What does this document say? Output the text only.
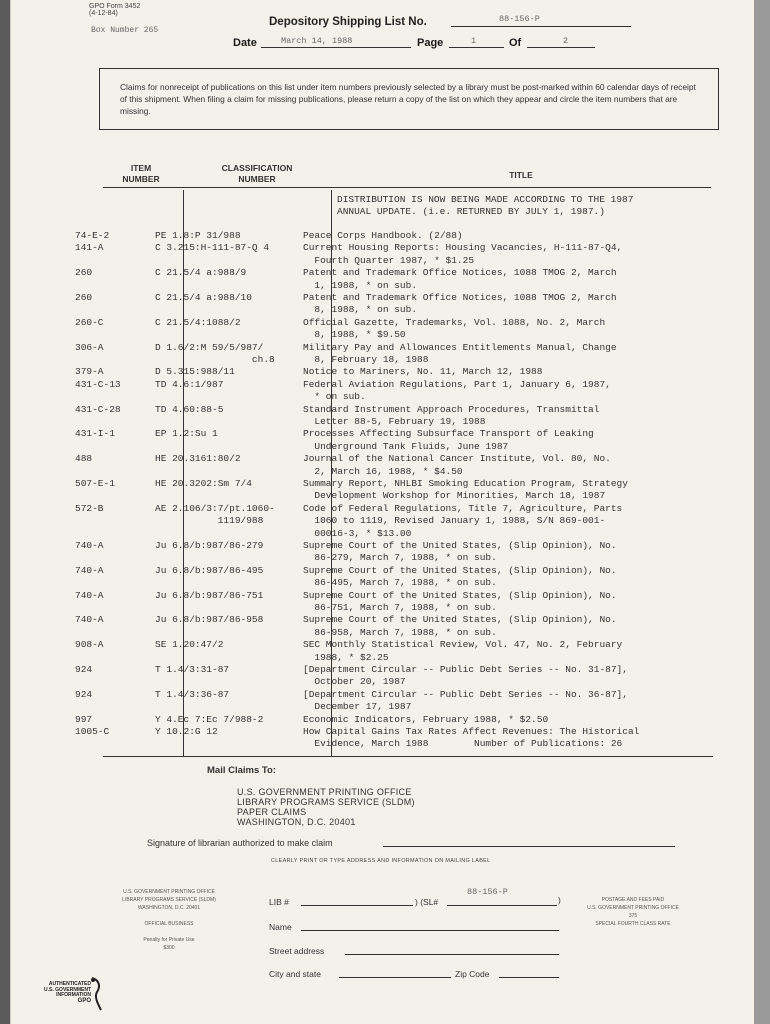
GPO Form 3452
(4-12-84)
Box Number 265
Depository Shipping List No.	88-156-P
Date	March 14, 1988	Page	1	Of	2

Claims for nonreceipt of publications on this list under item numbers previously selected by a library must be post-marked within 60 calendar days of receipt of this shipment. When filing a claim for missing publications, please return a copy of the list on which they appear and circle the item numbers that are missing.

ITEM
NUMBER
CLASSIFICATION
NUMBER	TITLE
DISTRIBUTION IS NOW BEING MADE ACCORDING TO THE 1987
ANNUAL UPDATE. (i.e. RETURNED BY JULY 1, 1987.)
74-E-2	PE 1.8:P 31/988	Peace Corps Handbook. (2/88)
141-A	C 3.215:H-111-87-Q 4	Current Housing Reports: Housing Vacancies, H-111-87-Q4,
Fourth Quarter 1987, * $1.25
260	C 21.5/4 a:988/9	Patent and Trademark Office Notices, 1088 TMOG 2, March
1, 1988, * on sub.
260	C 21.5/4 a:988/10	Patent and Trademark Office Notices, 1088 TMOG 2, March
8, 1988, * on sub.
260-C	C 21.5/4:1088/2	Official Gazette, Trademarks, Vol. 1088, No. 2, March
8, 1988, * $9.50
306-A	D 1.6/2:M 59/5/987/	Military Pay and Allowances Entitlements Manual, Change
ch.8	8, February 18, 1988
379-A	D 5.315:988/11	Notice to Mariners, No. 11, March 12, 1988
431-C-13	TD 4.6:1/987	Federal Aviation Regulations, Part 1, January 6, 1987,
* on sub.
431-C-28	TD 4.60:88-5	Standard Instrument Approach Procedures, Transmittal
Letter 88-5, February 19, 1988
431-I-1	EP 1.2:Su 1	Processes Affecting Subsurface Transport of Leaking
Underground Tank Fluids, June 1987
488	HE 20.3161:80/2	Journal of the National Cancer Institute, Vol. 80, No.
2, March 16, 1988, * $4.50
507-E-1	HE 20.3202:Sm 7/4	Summary Report, NHLBI Smoking Education Program, Strategy
Development Workshop for Minorities, March 18, 1987
572-B	AE 2.106/3:7/pt.1060-	Code of Federal Regulations, Title 7, Agriculture, Parts
1119/988	1060 to 1119, Revised January 1, 1988, S/N 869-001-
00016-3, * $13.00
740-A	Ju 6.8/b:987/86-279	Supreme Court of the United States, (Slip Opinion), No.
86-279, March 7, 1988, * on sub.
740-A	Ju 6.8/b:987/86-495	Supreme Court of the United States, (Slip Opinion), No.
86-495, March 7, 1988, * on sub.
740-A	Ju 6.8/b:987/86-751	Supreme Court of the United States, (Slip Opinion), No.
86-751, March 7, 1988, * on sub.
740-A	Ju 6.8/b:987/86-958	Supreme Court of the United States, (Slip Opinion), No.
86-958, March 7, 1988, * on sub.
908-A	SE 1.20:47/2	SEC Monthly Statistical Review, Vol. 47, No. 2, February
1988, * $2.25
924	T 1.4/3:31-87	[Department Circular -- Public Debt Series -- No. 31-87],
October 20, 1987
924	T 1.4/3:36-87	[Department Circular -- Public Debt Series -- No. 36-87],
December 17, 1987
997	Y 4.Ec 7:Ec 7/988-2	Economic Indicators, February 1988, * $2.50
1005-C	Y 10.2:G 12	How Capital Gains Tax Rates Affect Revenues: The Historical
Evidence, March 1988        Number of Publications: 26
Mail Claims To:
U.S. GOVERNMENT PRINTING OFFICE
LIBRARY PROGRAMS SERVICE (SLDM)
PAPER CLAIMS
WASHINGTON, D.C. 20401
Signature of librarian authorized to make claim
CLEARLY PRINT OR TYPE ADDRESS AND INFORMATION ON MAILING LABEL
U.S. GOVERNMENT PRINTING OFFICE
LIBRARY PROGRAMS SERVICE (SLDM)
WASHINGTON, D.C. 20401

OFFICIAL BUSINESS

Penalty for Private Use
$300
LIB #	) (SL#
88-156-P
)
Name
Street address
City and state	Zip Code
POSTAGE AND FEES PAID
U.S. GOVERNMENT PRINTING OFFICE
375
SPECIAL FOURTH CLASS RATE
AUTHENTICATED
U.S. GOVERNMENT
INFORMATION
GPO
